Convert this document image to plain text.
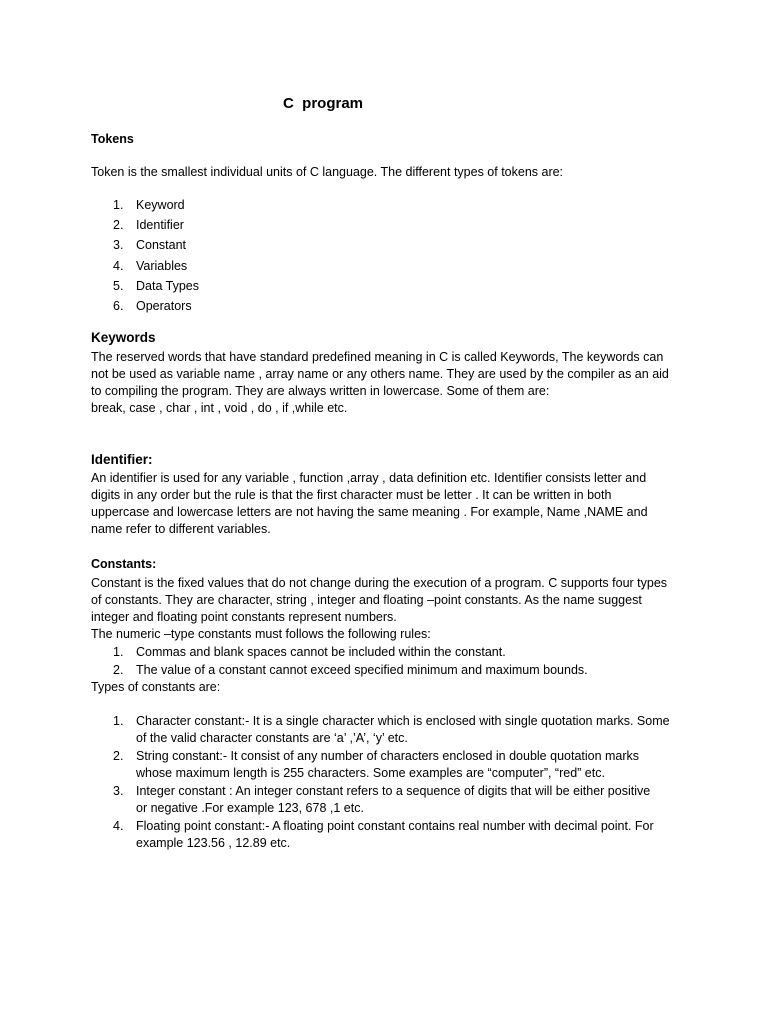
C  program
Tokens

Token is the smallest individual units of C language. The different types of tokens are:

1. Keyword
2. Identifier
3. Constant
4. Variables
5. Data Types
6. Operators
Keywords

The reserved words that have standard predefined meaning in C is called Keywords, The keywords can

not be used as variable name , array name or any others name. They are used by the compiler as an aid

to compiling the program. They are always written in lowercase. Some of them are:

break, case , char , int , void , do , if ,while etc.

Identifier:

An identifier is used for any variable , function ,array , data definition etc. Identifier consists letter and

digits in any order but the rule is that the first character must be letter . It can be written in both

uppercase and lowercase letters are not having the same meaning . For example, Name ,NAME and

name refer to different variables.

Constants:

Constant is the fixed values that do not change during the execution of a program. C supports four types

of constants. They are character, string , integer and floating –point constants. As the name suggest

integer and floating point constants represent numbers.

The numeric –type constants must follows the following rules:

1. Commas and blank spaces cannot be included within the constant.
2. The value of a constant cannot exceed specified minimum and maximum bounds.

Types of constants are:

1. Character constant:- It is a single character which is enclosed with single quotation marks. Some
of the valid character constants are ‘a’ ,’A’, ‘y’ etc.
2. String constant:- It consist of any number of characters enclosed in double quotation marks
whose maximum length is 255 characters. Some examples are “computer”, “red” etc.
3. Integer constant : An integer constant refers to a sequence of digits that will be either positive
or negative .For example 123, 678 ,1 etc.
4. Floating point constant:- A floating point constant contains real number with decimal point. For
example 123.56 , 12.89 etc.
